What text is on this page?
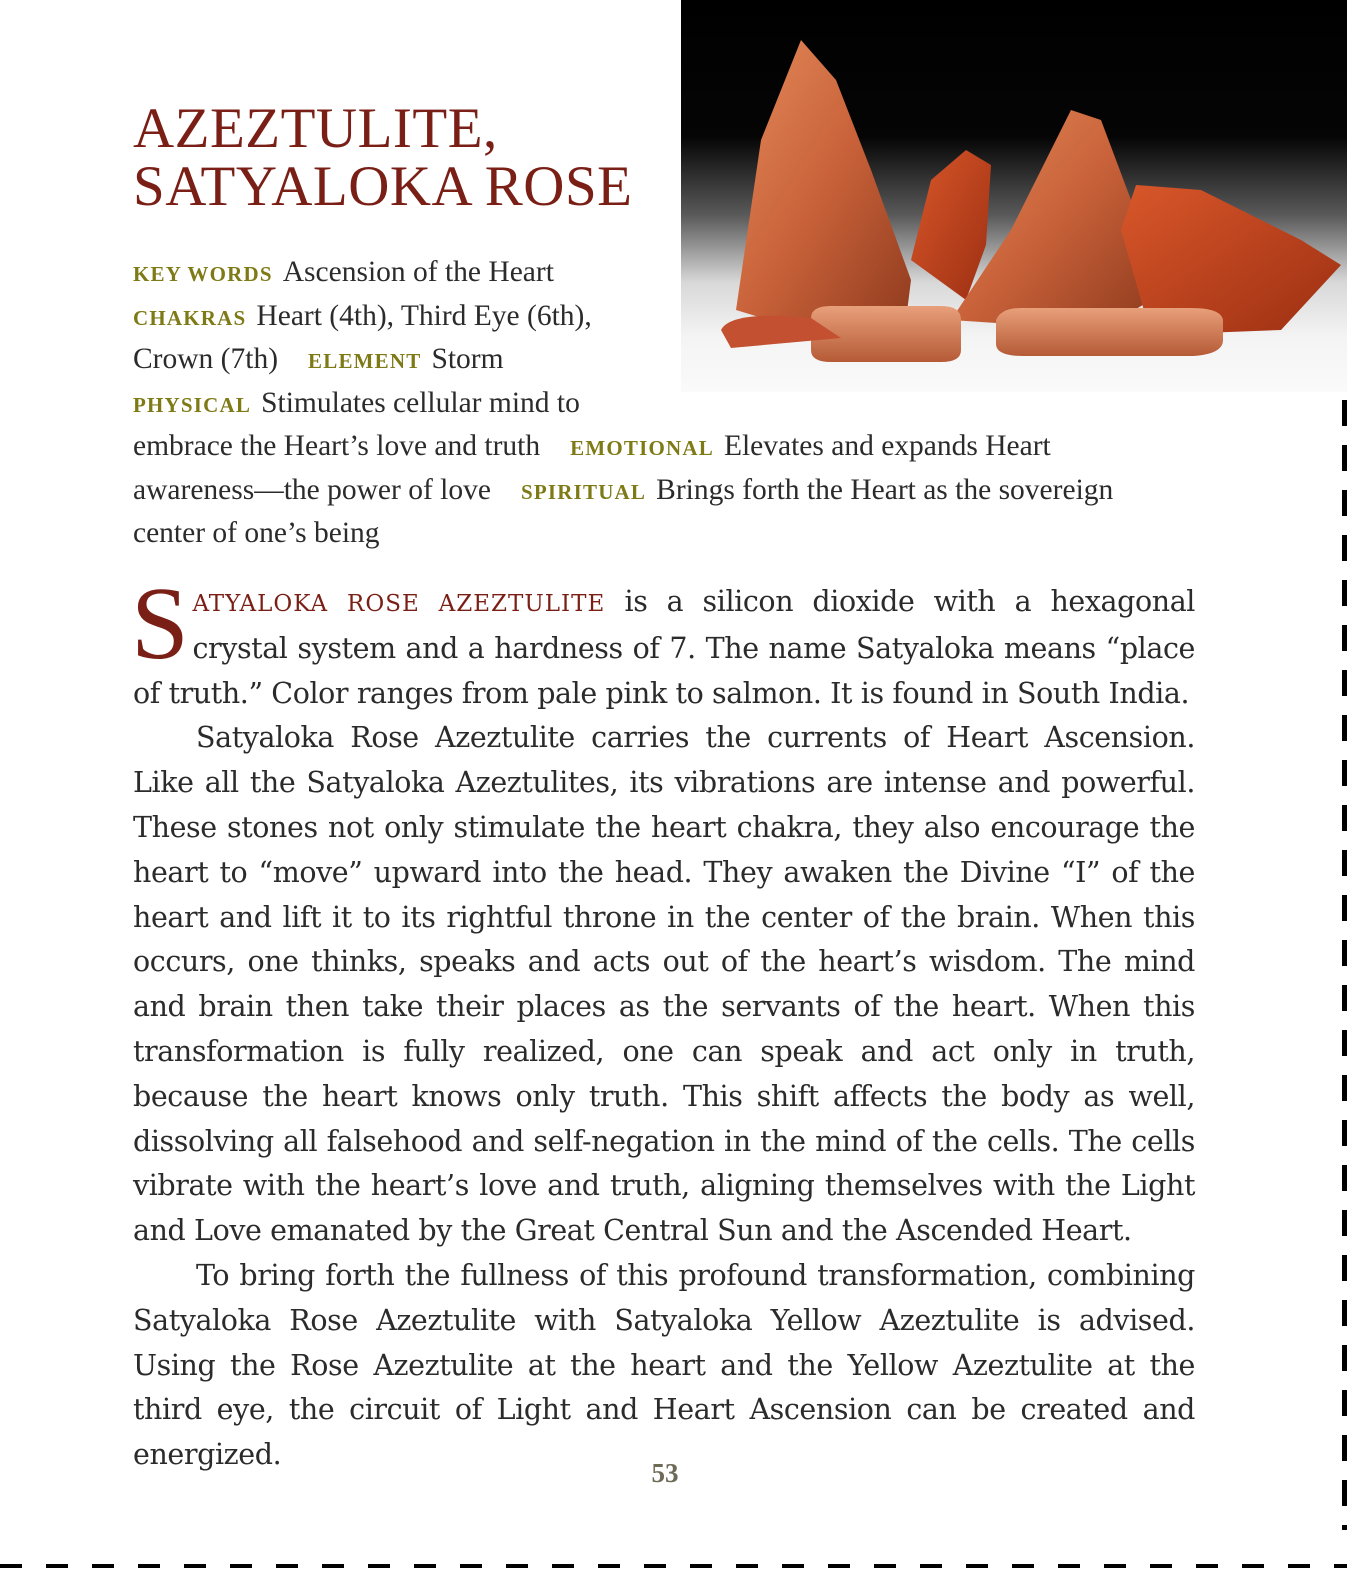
AZEZTULITE,
SATYALOKA ROSE
KEY WORDS Ascension of the Heart
CHAKRAS Heart (4th), Third Eye (6th),
Crown (7th) ELEMENT Storm
PHYSICAL Stimulates cellular mind to
embrace the Heart’s love and truth EMOTIONAL Elevates and expands Heart
awareness—the power of love SPIRITUAL Brings forth the Heart as the sovereign
center of one’s being

SATYALOKA ROSE AZEZTULITE is a silicon dioxide with a hexagonal crystal system and a hardness of 7. The name Satyaloka means “place of truth.” Color ranges from pale pink to salmon. It is found in South India.

Satyaloka Rose Azeztulite carries the currents of Heart Ascension. Like all the Satyaloka Azeztulites, its vibrations are intense and powerful. These stones not only stimulate the heart chakra, they also encourage the heart to “move” upward into the head. They awaken the Divine “I” of the heart and lift it to its rightful throne in the center of the brain. When this occurs, one thinks, speaks and acts out of the heart’s wisdom. The mind and brain then take their places as the servants of the heart. When this transformation is fully realized, one can speak and act only in truth, because the heart knows only truth. This shift affects the body as well, dissolving all falsehood and self-negation in the mind of the cells. The cells vibrate with the heart’s love and truth, aligning themselves with the Light and Love emanated by the Great Central Sun and the Ascended Heart.

To bring forth the fullness of this profound transformation, combining Satyaloka Rose Azeztulite with Satyaloka Yellow Azeztulite is advised. Using the Rose Azeztulite at the heart and the Yellow Azeztulite at the third eye, the circuit of Light and Heart Ascension can be created and energized.

53
